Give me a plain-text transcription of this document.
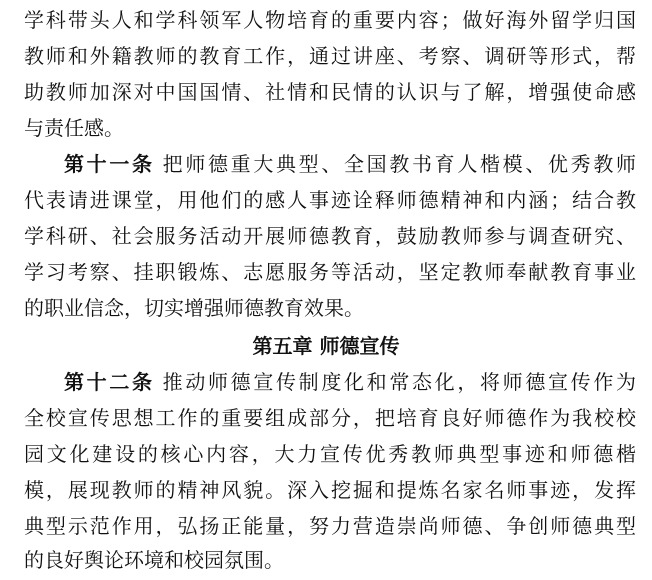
学科带头人和学科领军人物培育的重要内容；做好海外留学归国
教师和外籍教师的教育工作，通过讲座、考察、调研等形式，帮
助教师加深对中国国情、社情和民情的认识与了解，增强使命感
与责任感。
第十一条 把师德重大典型、全国教书育人楷模、优秀教师
代表请进课堂，用他们的感人事迹诠释师德精神和内涵；结合教
学科研、社会服务活动开展师德教育，鼓励教师参与调查研究、
学习考察、挂职锻炼、志愿服务等活动，坚定教师奉献教育事业
的职业信念，切实增强师德教育效果。
第五章 师德宣传
第十二条 推动师德宣传制度化和常态化，将师德宣传作为
全校宣传思想工作的重要组成部分，把培育良好师德作为我校校
园文化建设的核心内容，大力宣传优秀教师典型事迹和师德楷
模，展现教师的精神风貌。深入挖掘和提炼名家名师事迹，发挥
典型示范作用，弘扬正能量，努力营造崇尚师德、争创师德典型
的良好舆论环境和校园氛围。
